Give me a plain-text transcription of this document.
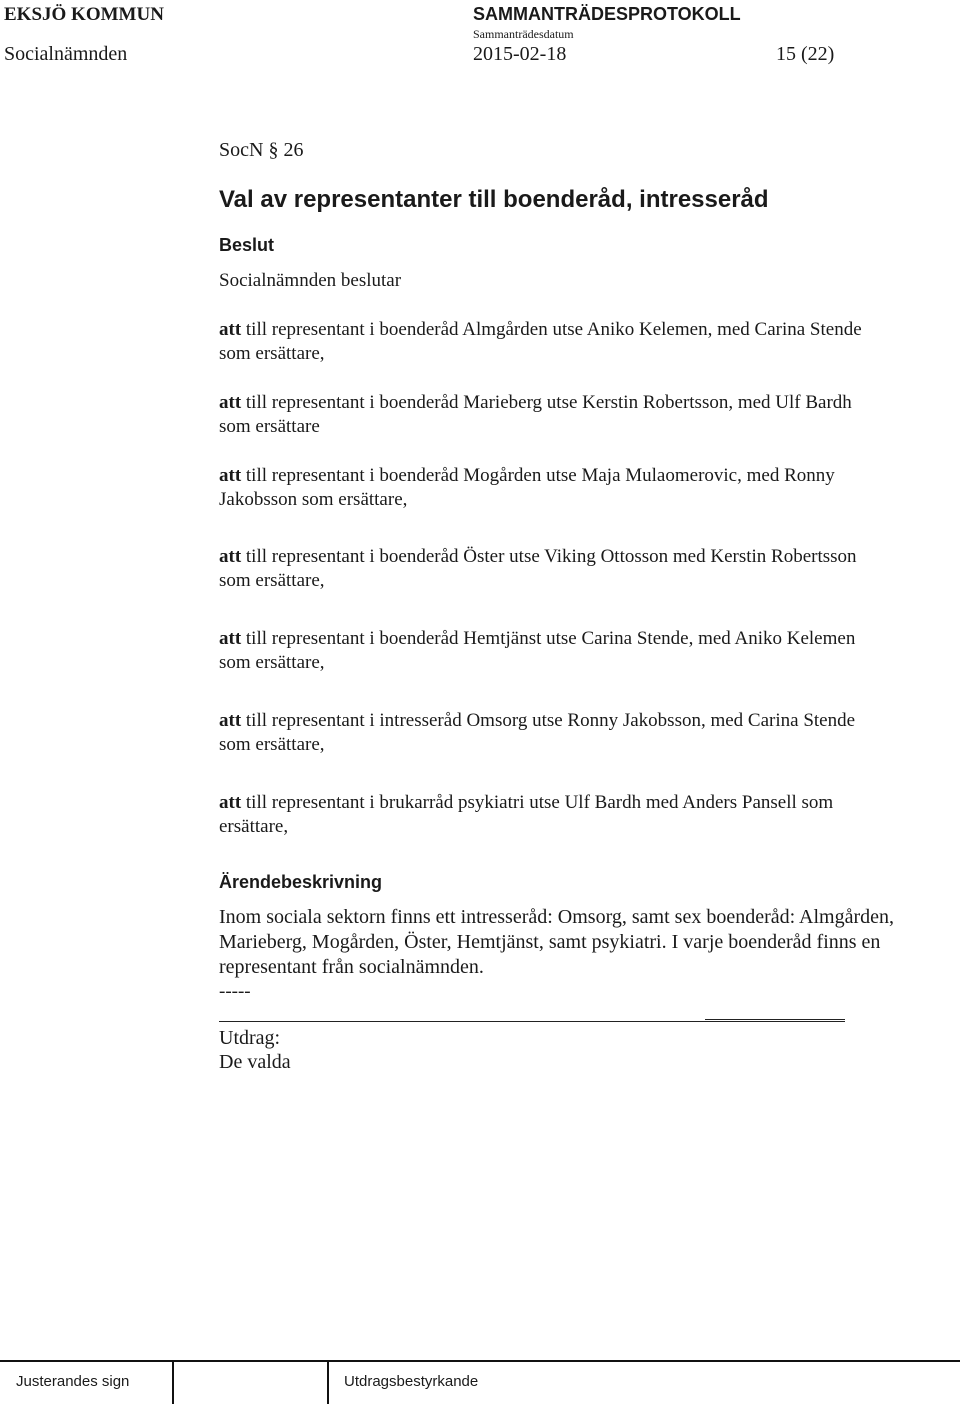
EKSJÖ KOMMUN	SAMMANTRÄDESPROTOKOLL
Sammanträdesdatum
Socialnämnden	2015-02-18	15 (22)
SocN § 26
Val av representanter till boenderåd, intresseråd
Beslut
Socialnämnden beslutar
att till representant i boenderåd Almgården utse Aniko Kelemen, med Carina Stende
som ersättare,
att till representant i boenderåd Marieberg utse Kerstin Robertsson, med Ulf Bardh
som ersättare
att till representant i boenderåd Mogården utse Maja Mulaomerovic, med Ronny
Jakobsson som ersättare,
att till representant i boenderåd Öster utse Viking Ottosson med Kerstin Robertsson
som ersättare,
att till representant i boenderåd Hemtjänst utse Carina Stende, med Aniko Kelemen
som ersättare,
att till representant i intresseråd Omsorg utse Ronny Jakobsson, med Carina Stende
som ersättare,
att till representant i brukarråd psykiatri utse Ulf Bardh med Anders Pansell som
ersättare,
Ärendebeskrivning
Inom sociala sektorn finns ett intresseråd: Omsorg, samt sex boenderåd: Almgården,
Marieberg, Mogården, Öster, Hemtjänst, samt psykiatri. I varje boenderåd finns en
representant från socialnämnden.
-----
Utdrag:
De valda
Justerandes sign	Utdragsbestyrkande
